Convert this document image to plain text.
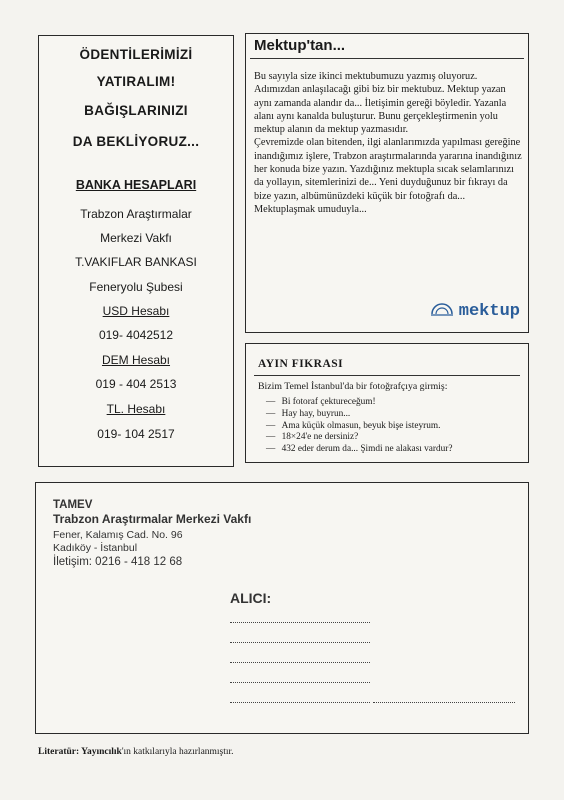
ÖDENTİLERİMİZİ
YATIRALIM!
BAĞIŞLARINIZI
DA BEKLİYORUZ...
BANKA HESAPLARI
Trabzon Araştırmalar
Merkezi Vakfı
T.VAKIFLAR BANKASI
Feneryolu Şubesi
USD Hesabı
019- 4042512
DEM Hesabı
019 - 404 2513
TL. Hesabı
019- 104 2517
Mektup'tan...

Bu sayıyla size ikinci mektubumuzu yazmış oluyoruz.

Adımızdan anlaşılacağı gibi biz bir mektubuz. Mektup yazan aynı zamanda alandır da... İletişimin gereği böyledir. Yazanla alanı aynı kanalda buluşturur. Bunu gerçekleştirmenin yolu mektup alanın da mektup yazmasıdır.

Çevremizde olan bitenden, ilgi alanlarımızda yapılması gereğine inandığımız işlere, Trabzon araştırmalarında yararına inandığınız her konuda bize yazın. Yazdığınız mektupla sıcak selamlarınızı da yollayın, sitemlerinizi de... Yeni duyduğunuz bir fıkrayı da bize yazın, albümünüzdeki küçük bir fotoğrafı da...

Mektuplaşmak umuduyla...

mektup
AYIN FIKRASI
Bizim Temel İstanbul'da bir fotoğrafçıya girmiş:
— Bi fotoraf çektureceğum!
— Hay hay, buyrun...
— Ama küçük olmasun, beyuk bişe isteyrum.
— 18×24'e ne dersiniz?
— 432 eder derum da... Şimdi ne alakası vardur?
TAMEV
Trabzon Araştırmalar Merkezi Vakfı
Fener, Kalamış Cad. No. 96
Kadıköy - İstanbul
İletişim: 0216 - 418 12 68
ALICI:
Literatür: Yayıncılık'ın katkılarıyla hazırlanmıştır.
